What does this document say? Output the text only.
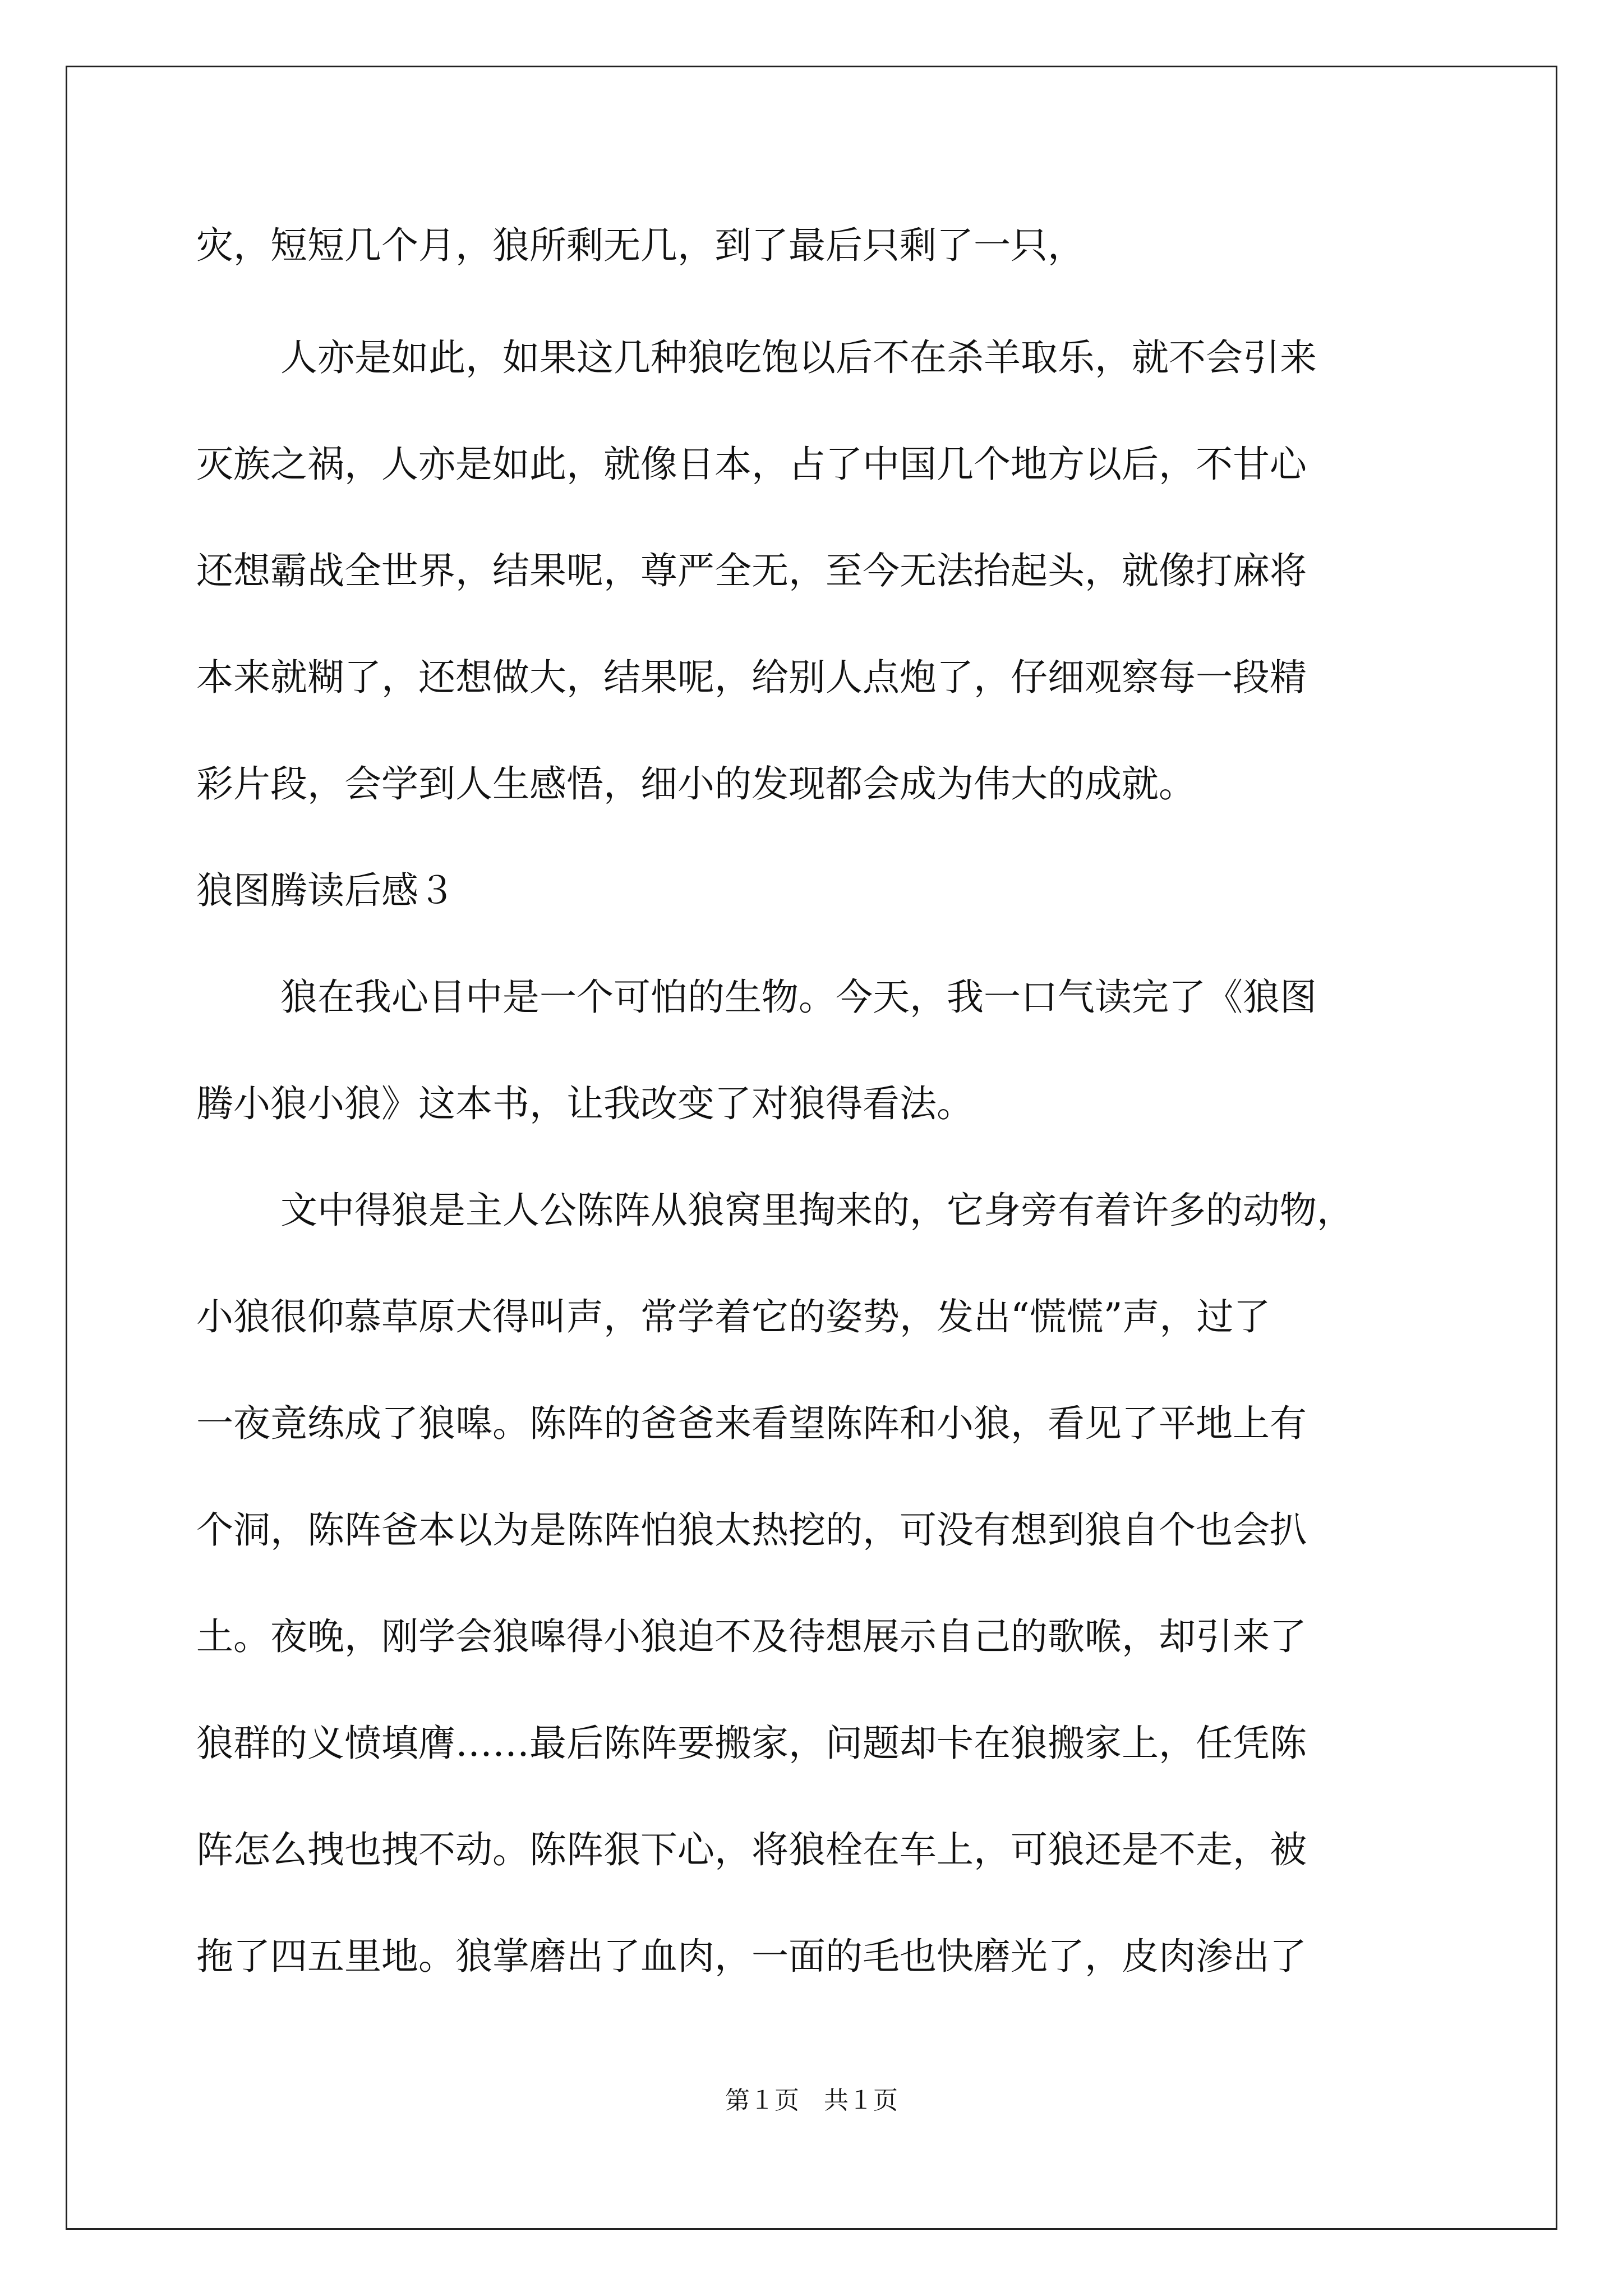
灾，短短几个月，狼所剩无几，到了最后只剩了一只，
人亦是如此，如果这几种狼吃饱以后不在杀羊取乐，就不会引来
灭族之祸，人亦是如此，就像日本，占了中国几个地方以后，不甘心
还想霸战全世界，结果呢，尊严全无，至今无法抬起头，就像打麻将
本来就糊了，还想做大，结果呢，给别人点炮了，仔细观察每一段精
彩片段，会学到人生感悟，细小的发现都会成为伟大的成就。
狼图腾读后感３
狼在我心目中是一个可怕的生物。今天，我一口气读完了《狼图
腾小狼小狼》这本书，让我改变了对狼得看法。
文中得狼是主人公陈阵从狼窝里掏来的，它身旁有着许多的动物，
小狼很仰慕草原犬得叫声，常学着它的姿势，发出“慌慌”声，过了
一夜竟练成了狼嗥。陈阵的爸爸来看望陈阵和小狼，看见了平地上有
个洞，陈阵爸本以为是陈阵怕狼太热挖的，可没有想到狼自个也会扒
土。夜晚，刚学会狼嗥得小狼迫不及待想展示自己的歌喉，却引来了
狼群的义愤填膺……最后陈阵要搬家，问题却卡在狼搬家上，任凭陈
阵怎么拽也拽不动。陈阵狠下心，将狼栓在车上，可狼还是不走，被
拖了四五里地。狼掌磨出了血肉，一面的毛也快磨光了，皮肉渗出了
第１页　共１页
